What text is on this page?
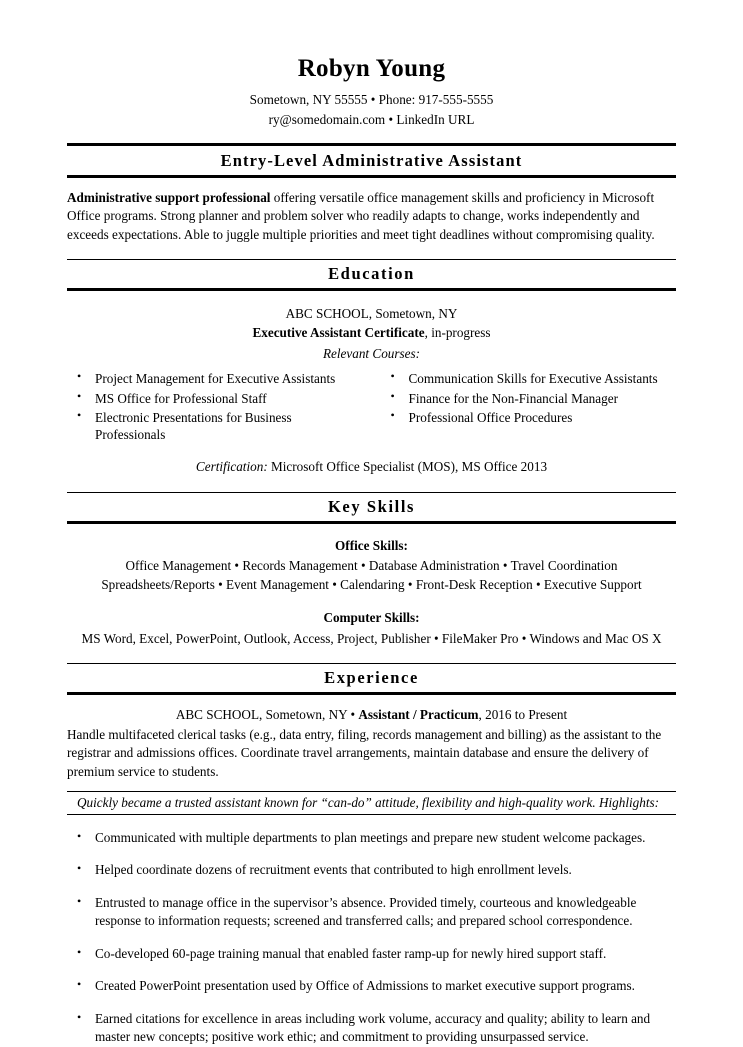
Robyn Young
Sometown, NY 55555 • Phone: 917-555-5555
ry@somedomain.com • LinkedIn URL
Entry-Level Administrative Assistant
Administrative support professional offering versatile office management skills and proficiency in Microsoft Office programs. Strong planner and problem solver who readily adapts to change, works independently and exceeds expectations. Able to juggle multiple priorities and meet tight deadlines without compromising quality.
Education
ABC SCHOOL, Sometown, NY
Executive Assistant Certificate, in-progress
Relevant Courses:
• Project Management for Executive Assistants
• MS Office for Professional Staff
• Electronic Presentations for Business Professionals
• Communication Skills for Executive Assistants
• Finance for the Non-Financial Manager
• Professional Office Procedures
Certification: Microsoft Office Specialist (MOS), MS Office 2013
Key Skills
Office Skills:
Office Management • Records Management • Database Administration • Travel Coordination
Spreadsheets/Reports • Event Management • Calendaring • Front-Desk Reception • Executive Support
Computer Skills:
MS Word, Excel, PowerPoint, Outlook, Access, Project, Publisher • FileMaker Pro • Windows and Mac OS X
Experience
ABC SCHOOL, Sometown, NY • Assistant / Practicum, 2016 to Present
Handle multifaceted clerical tasks (e.g., data entry, filing, records management and billing) as the assistant to the registrar and admissions offices. Coordinate travel arrangements, maintain database and ensure the delivery of premium service to students.
Quickly became a trusted assistant known for “can-do” attitude, flexibility and high-quality work. Highlights:
• Communicated with multiple departments to plan meetings and prepare new student welcome packages.
• Helped coordinate dozens of recruitment events that contributed to high enrollment levels.
• Entrusted to manage office in the supervisor’s absence. Provided timely, courteous and knowledgeable response to information requests; screened and transferred calls; and prepared school correspondence.
• Co-developed 60-page training manual that enabled faster ramp-up for newly hired support staff.
• Created PowerPoint presentation used by Office of Admissions to market executive support programs.
• Earned citations for excellence in areas including work volume, accuracy and quality; ability to learn and master new concepts; positive work ethic; and commitment to providing unsurpassed service.
